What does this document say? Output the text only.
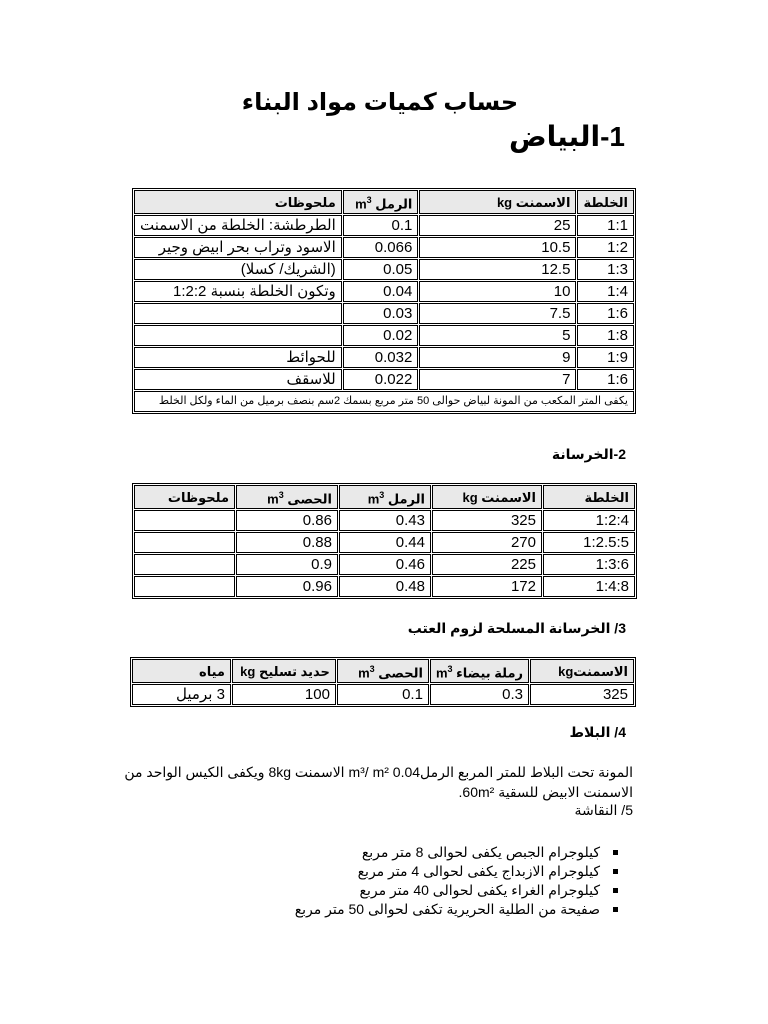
حساب كميات مواد البناء
1-البياض
الخلطة	الاسمنت kg	الرمل $m^3$	ملحوظات
1:1	25	0.1	الطرطشة: الخلطة من الاسمنت
1:2	10.5	0.066	الاسود وتراب بحر ابيض وجير
1:3	12.5	0.05	(الشريك/ كسلا)
1:4	10	0.04	وتكون الخلطة بنسبة 1:2:2
1:6	7.5	0.03	
1:8	5	0.02	
1:9	9	0.032	للحوائط
1:6	7	0.022	للاسقف
يكفى المتر المكعب من المونة لبياض حوالى 50 متر مربع بسمك 2سم بنصف برميل من الماء ولكل الخلط			
2-الخرسانة
الخلطة	الاسمنت kg	الرمل $m^3$	الحصى $m^3$	ملحوظات
1:2:4	325	0.43	0.86	
1:2.5:5	270	0.44	0.88	
1:3:6	225	0.46	0.9	
1:4:8	172	0.48	0.96	
3/ الخرسانة المسلحة لزوم العتب
الاسمنتkg	رملة بيضاء $m^3$	الحصى $m^3$	حديد تسليح kg	مياه
325	0.3	0.1	100	3 برميل
4/ البلاط
المونة تحت البلاط للمتر المربع الرمل0.04 m³/ m² الاسمنت 8kg ويكفى الكيس الواحد من
الاسمنت الابيض للسقية 60m².
5/ النقاشة
كيلوجرام الجبص يكفى لحوالى 8 متر مربع
كيلوجرام الازبداج يكفى لحوالى 4 متر مربع
كيلوجرام الغراء يكفى لحوالى 40 متر مربع
صفيحة من الطلية الحريرية تكفى لحوالى 50 متر مربع
